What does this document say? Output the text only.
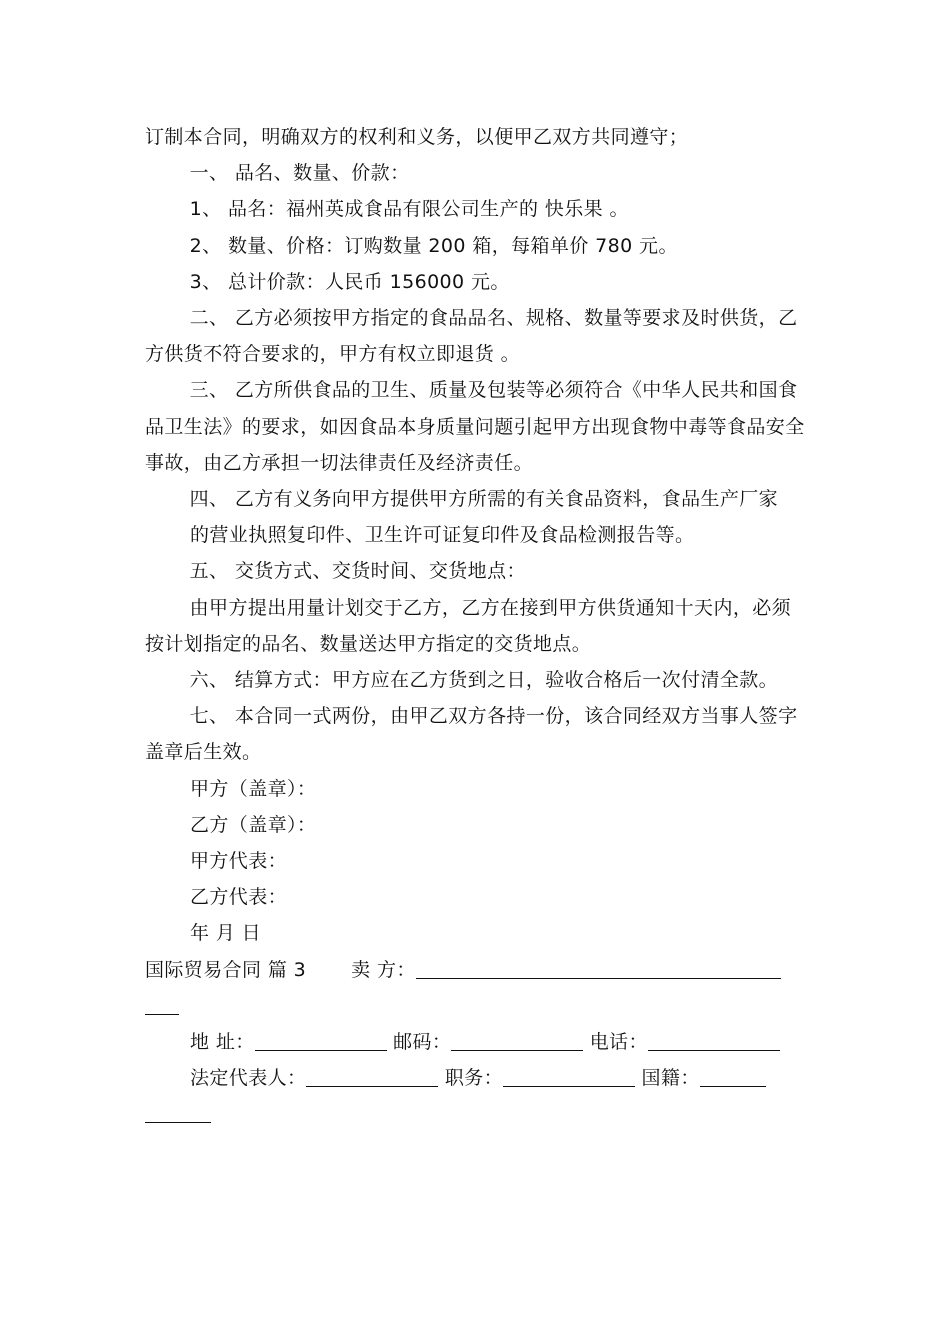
订制本合同，明确双方的权利和义务，以便甲乙双方共同遵守；

一、 品名、数量、价款：

1、 品名：福州英成食品有限公司生产的 快乐果 。

2、 数量、价格：订购数量 200 箱，每箱单价 780 元。

3、 总计价款：人民币 156000 元。

二、 乙方必须按甲方指定的食品品名、规格、数量等要求及时供货，乙方供货不符合要求的，甲方有权立即退货 。

三、 乙方所供食品的卫生、质量及包装等必须符合《中华人民共和国食品卫生法》的要求，如因食品本身质量问题引起甲方出现食物中毒等食品安全事故，由乙方承担一切法律责任及经济责任。

四、 乙方有义务向甲方提供甲方所需的有关食品资料，食品生产厂家

的营业执照复印件、卫生许可证复印件及食品检测报告等。

五、 交货方式、交货时间、交货地点：

由甲方提出用量计划交于乙方，乙方在接到甲方供货通知十天内，必须按计划指定的品名、数量送达甲方指定的交货地点。

六、 结算方式：甲方应在乙方货到之日，验收合格后一次付清全款。

七、 本合同一式两份，由甲乙双方各持一份，该合同经双方当事人签字盖章后生效。

甲方（盖章）：

乙方（盖章）：

甲方代表：

乙方代表：

年 月 日

国际贸易合同 篇 3 卖 方：

地 址：	邮码：	电话：

法定代表人：	职务：	国籍：
